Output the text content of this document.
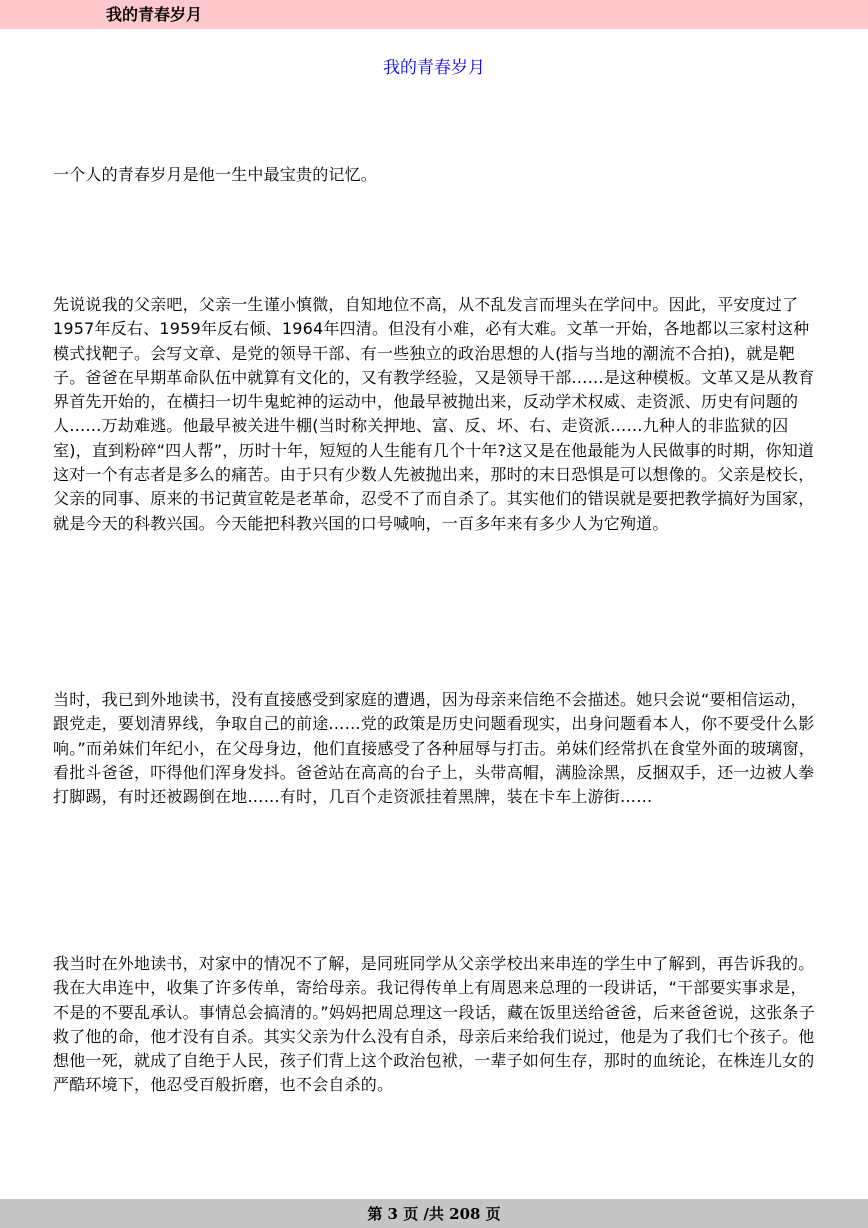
我的青春岁月
我的青春岁月

一个人的青春岁月是他一生中最宝贵的记忆。

先说说我的父亲吧，父亲一生谨小慎微，自知地位不高，从不乱发言而埋头在学问中。因此，平安度过了1957年反右、1959年反右倾、1964年四清。但没有小难，必有大难。文革一开始，各地都以三家村这种模式找靶子。会写文章、是党的领导干部、有一些独立的政治思想的人(指与当地的潮流不合拍)，就是靶子。爸爸在早期革命队伍中就算有文化的，又有教学经验，又是领导干部……是这种模板。文革又是从教育界首先开始的，在横扫一切牛鬼蛇神的运动中，他最早被抛出来，反动学术权威、走资派、历史有问题的人……万劫难逃。他最早被关进牛棚(当时称关押地、富、反、坏、右、走资派……九种人的非监狱的囚室)，直到粉碎“四人帮”，历时十年，短短的人生能有几个十年?这又是在他最能为人民做事的时期，你知道这对一个有志者是多么的痛苦。由于只有少数人先被抛出来，那时的末日恐惧是可以想像的。父亲是校长，父亲的同事、原来的书记黄宣乾是老革命，忍受不了而自杀了。其实他们的错误就是要把教学搞好为国家，就是今天的科教兴国。今天能把科教兴国的口号喊响，一百多年来有多少人为它殉道。

当时，我已到外地读书，没有直接感受到家庭的遭遇，因为母亲来信绝不会描述。她只会说“要相信运动，跟党走，要划清界线，争取自己的前途……党的政策是历史问题看现实，出身问题看本人，你不要受什么影响。”而弟妹们年纪小，在父母身边，他们直接感受了各种屈辱与打击。弟妹们经常扒在食堂外面的玻璃窗，看批斗爸爸，吓得他们浑身发抖。爸爸站在高高的台子上，头带高帽，满脸涂黑，反捆双手，还一边被人拳打脚踢，有时还被踢倒在地……有时，几百个走资派挂着黑牌，装在卡车上游街……

我当时在外地读书，对家中的情况不了解，是同班同学从父亲学校出来串连的学生中了解到，再告诉我的。我在大串连中，收集了许多传单，寄给母亲。我记得传单上有周恩来总理的一段讲话，“干部要实事求是，不是的不要乱承认。事情总会搞清的。”妈妈把周总理这一段话，藏在饭里送给爸爸，后来爸爸说，这张条子救了他的命，他才没有自杀。其实父亲为什么没有自杀，母亲后来给我们说过，他是为了我们七个孩子。他想他一死，就成了自绝于人民，孩子们背上这个政治包袱，一辈子如何生存，那时的血统论，在株连儿女的严酷环境下，他忍受百般折磨，也不会自杀的。

第 3 页 /共 208 页
